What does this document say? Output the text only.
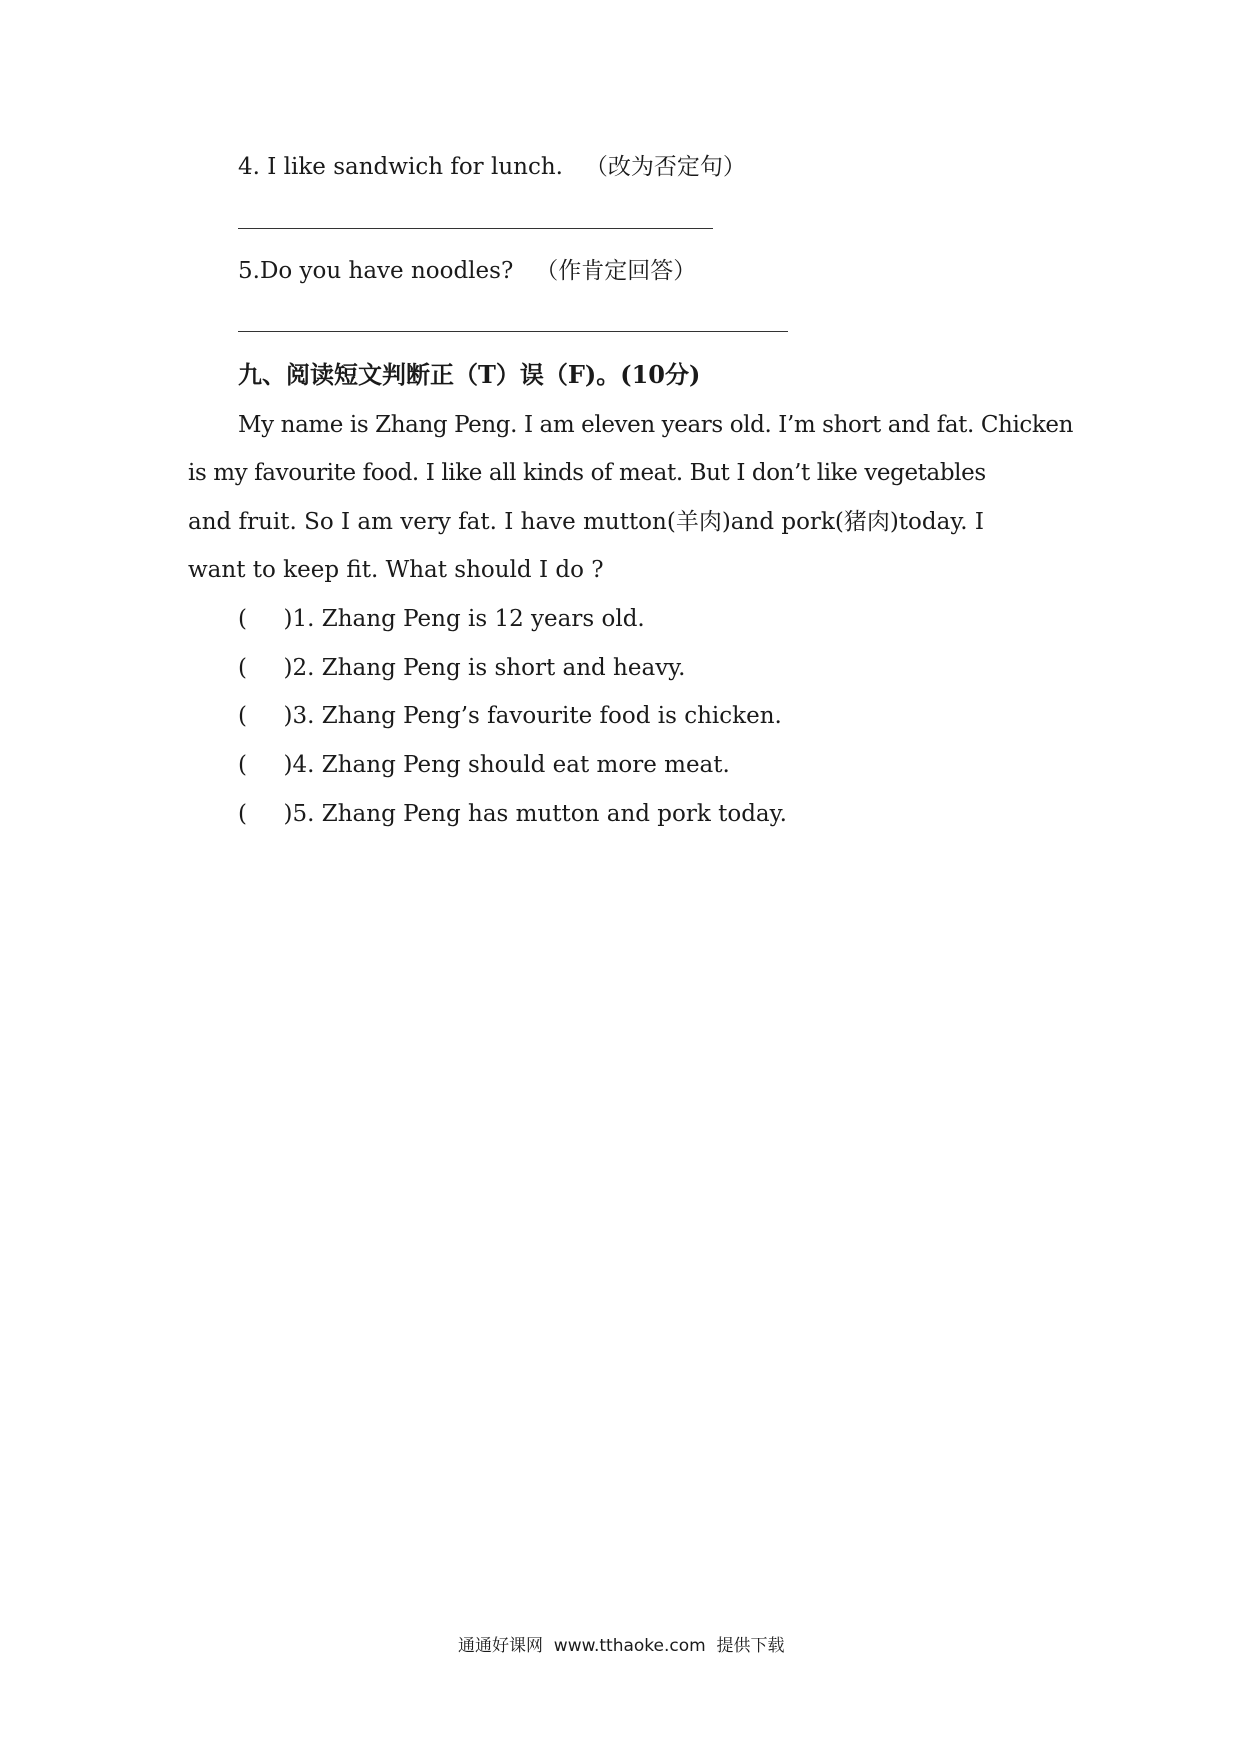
4. I like sandwich for lunch.   （改为否定句）
5.Do you have noodles?   （作肯定回答）
九、阅读短文判断正（T）误（F)。(10分)
My name is Zhang Peng. I am eleven years old. I’m short and fat. Chicken
is my favourite food. I like all kinds of meat. But I don’t like vegetables
and fruit. So I am very fat. I have mutton(羊肉)and pork(猪肉)today. I
want to keep fit. What should I do ?
(     )1. Zhang Peng is 12 years old.
(     )2. Zhang Peng is short and heavy.
(     )3. Zhang Peng’s favourite food is chicken.
(     )4. Zhang Peng should eat more meat.
(     )5. Zhang Peng has mutton and pork today.
通通好课网  www.tthaoke.com  提供下载
